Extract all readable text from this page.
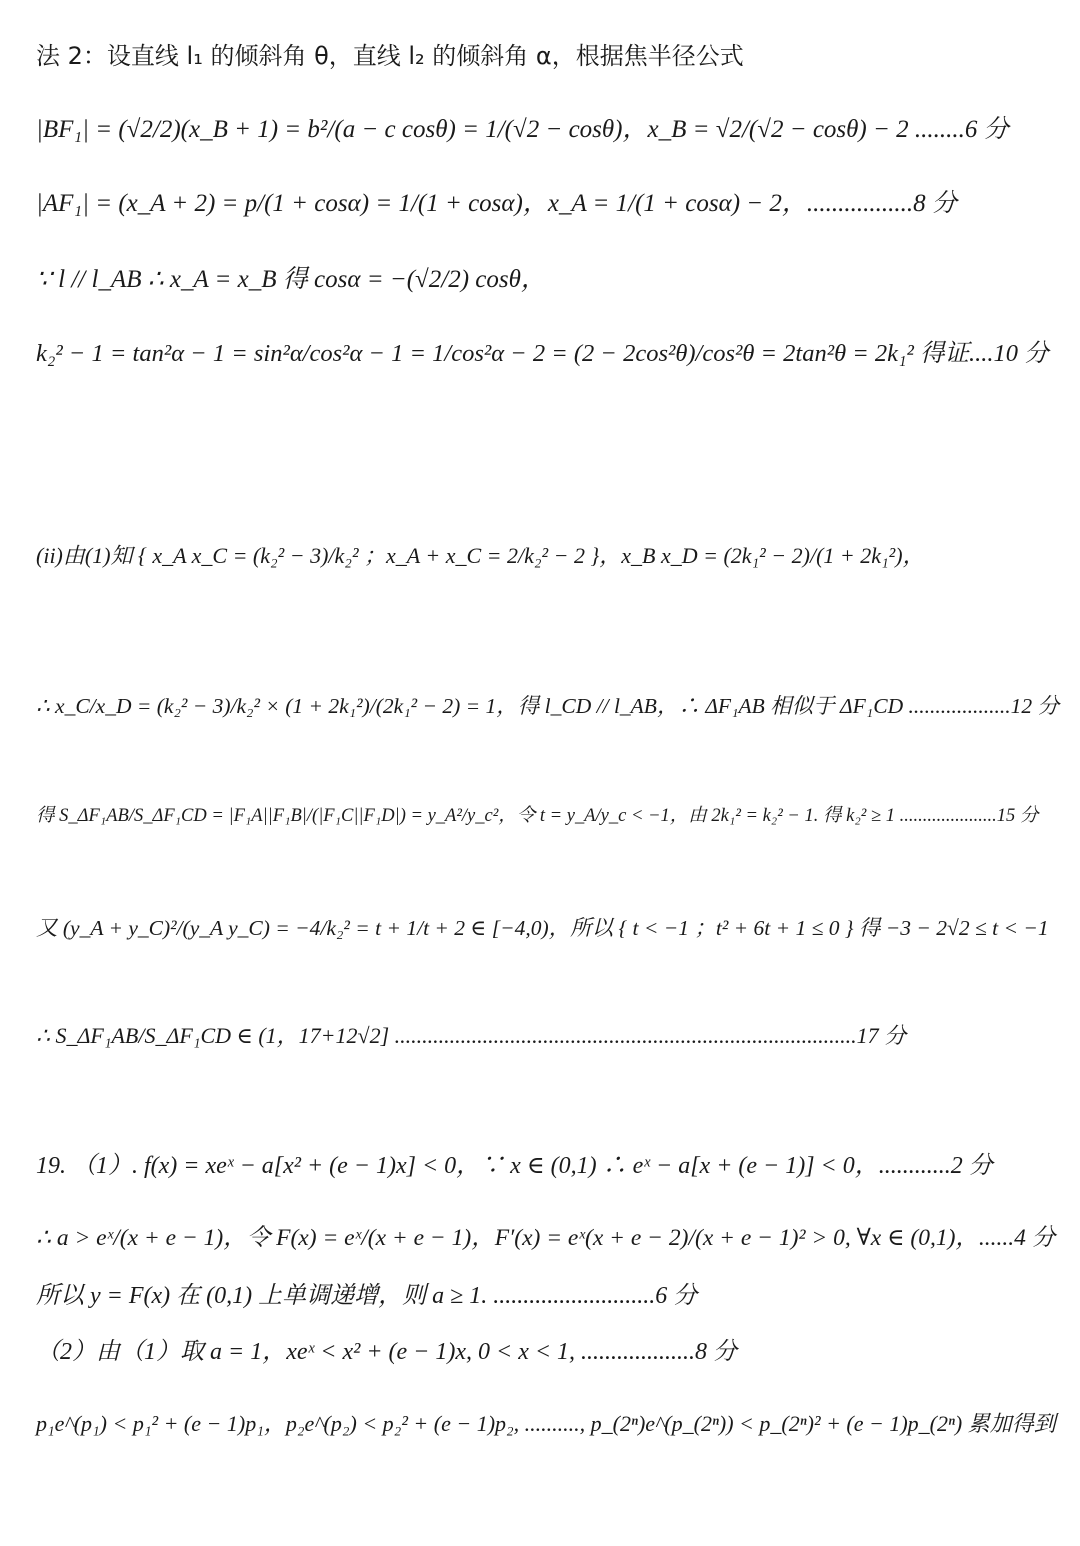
法 2：设直线 l₁ 的倾斜角 θ，直线 l₂ 的倾斜角 α，根据焦半径公式
|BF₁| = (√2/2)(x_B + 1) = b²/(a − c cosθ) = 1/(√2 − cosθ)，x_B = √2/(√2 − cosθ) − 2 ........6 分
|AF₁| = (x_A + 2) = p/(1 + cosα) = 1/(1 + cosα)，x_A = 1/(1 + cosα) − 2，.................8 分
∵ l // l_AB ∴ x_A = x_B 得 cosα = −(√2/2) cosθ，
k₂² − 1 = tan²α − 1 = sin²α/cos²α − 1 = 1/cos²α − 2 = (2 − 2cos²θ)/cos²θ = 2tan²θ = 2k₁² 得证....10 分
(ii)由(1)知 { x_A x_C = (k₂² − 3)/k₂² ；x_A + x_C = 2/k₂² − 2 }，x_B x_D = (2k₁² − 2)/(1 + 2k₁²)，
∴ x_C/x_D = (k₂² − 3)/k₂² × (1 + 2k₁²)/(2k₁² − 2) = 1，得 l_CD // l_AB，∴ ΔF₁AB 相似于 ΔF₁CD ...................12 分
得 S_ΔF₁AB/S_ΔF₁CD = |F₁A||F₁B|/(|F₁C||F₁D|) = y_A²/y_c²，令 t = y_A/y_c < −1，由 2k₁² = k₂² − 1. 得 k₂² ≥ 1 .....................15 分
又 (y_A + y_C)²/(y_A y_C) = −4/k₂² = t + 1/t + 2 ∈ [−4,0)，所以 { t < −1 ；t² + 6t + 1 ≤ 0 } 得 −3 − 2√2 ≤ t < −1
∴ S_ΔF₁AB/S_ΔF₁CD ∈ (1，17+12√2] ....................................................................................17 分
19. （1）. f(x) = xeˣ − a[x² + (e − 1)x] < 0，∵ x ∈ (0,1) ∴ eˣ − a[x + (e − 1)] < 0，............2 分
∴ a > eˣ/(x + e − 1)，令 F(x) = eˣ/(x + e − 1)，F′(x) = eˣ(x + e − 2)/(x + e − 1)² > 0, ∀x ∈ (0,1)，......4 分
所以 y = F(x) 在 (0,1) 上单调递增，则 a ≥ 1. ...........................6 分
（2）由（1）取 a = 1，xeˣ < x² + (e − 1)x, 0 < x < 1, ...................8 分
p₁e^(p₁) < p₁² + (e − 1)p₁，p₂e^(p₂) < p₂² + (e − 1)p₂, .........., p_(2ⁿ)e^(p_(2ⁿ)) < p_(2ⁿ)² + (e − 1)p_(2ⁿ) 累加得到
